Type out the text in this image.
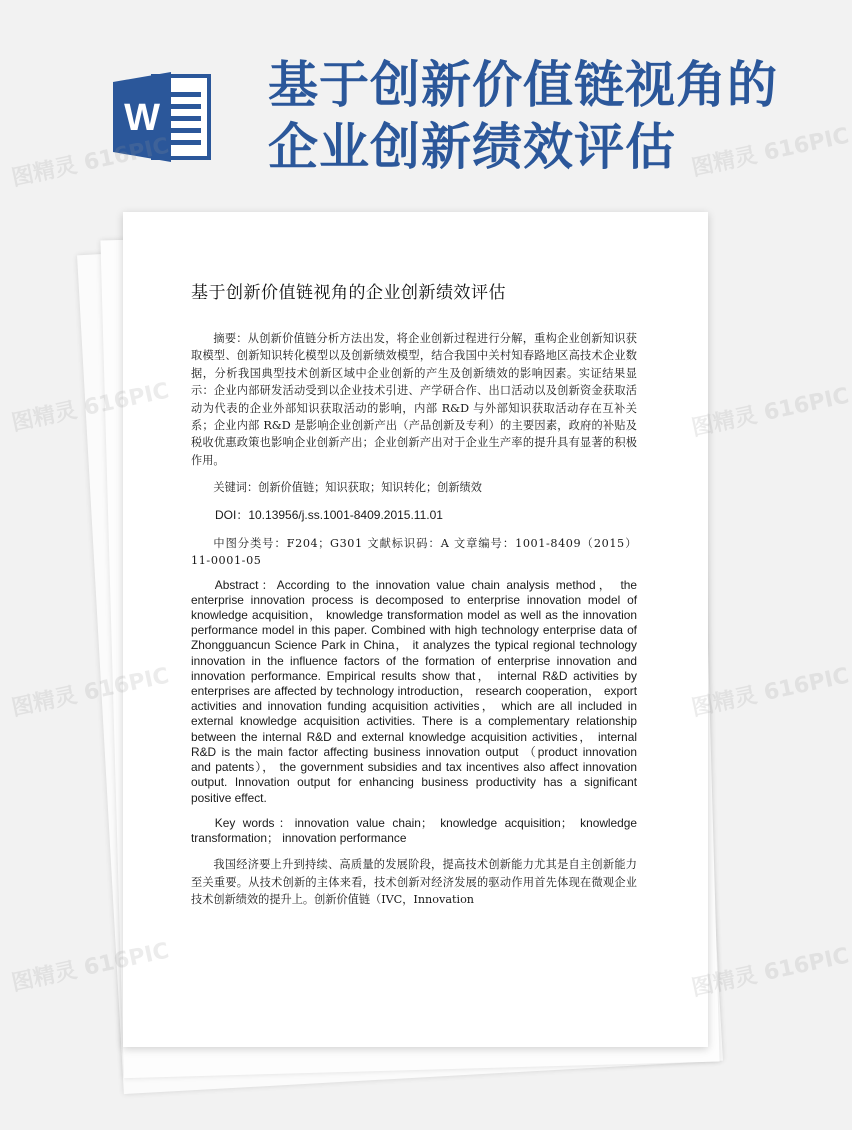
W
基于创新价值链视角的
企业创新绩效评估
基于创新价值链视角的企业创新绩效评估

摘要：从创新价值链分析方法出发，将企业创新过程进行分解，重构企业创新知识获取模型、创新知识转化模型以及创新绩效模型，结合我国中关村知春路地区高技术企业数据，分析我国典型技术创新区域中企业创新的产生及创新绩效的影响因素。实证结果显示：企业内部研发活动受到以企业技术引进、产学研合作、出口活动以及创新资金获取活动为代表的企业外部知识获取活动的影响，内部 R&D 与外部知识获取活动存在互补关系；企业内部 R&D 是影响企业创新产出（产品创新及专利）的主要因素，政府的补贴及税收优惠政策也影响企业创新产出；企业创新产出对于企业生产率的提升具有显著的积极作用。

关键词：创新价值链；知识获取；知识转化；创新绩效

DOI：10.13956/j.ss.1001-8409.2015.11.01

中图分类号：F204；G301 文献标识码：A 文章编号：1001-8409（2015）11-0001-05

Abstract：According to the innovation value chain analysis method， the enterprise innovation process is decomposed to enterprise innovation model of knowledge acquisition， knowledge transformation model as well as the innovation performance model in this paper. Combined with high technology enterprise data of Zhongguancun Science Park in China， it analyzes the typical regional technology innovation in the influence factors of the formation of enterprise innovation and innovation performance. Empirical results show that， internal R&D activities by enterprises are affected by technology introduction， research cooperation， export activities and innovation funding acquisition activities， which are all included in external knowledge acquisition activities. There is a complementary relationship between the internal R&D and external knowledge acquisition activities， internal R&D is the main factor affecting business innovation output （product innovation and patents）， the government subsidies and tax incentives also affect innovation output. Innovation output for enhancing business productivity has a significant positive effect.

Key words：innovation value chain； knowledge acquisition； knowledge transformation； innovation performance

我国经济要上升到持续、高质量的发展阶段，提高技术创新能力尤其是自主创新能力至关重要。从技术创新的主体来看，技术创新对经济发展的驱动作用首先体现在微观企业技术创新绩效的提升上。创新价值链（IVC，Innovation

图精灵 616PIC	图精灵 616PIC
图精灵	图精灵 616PIC
图精灵 616PIC	图精灵 616PIC
图精灵 616PIC	图精灵 616PIC
